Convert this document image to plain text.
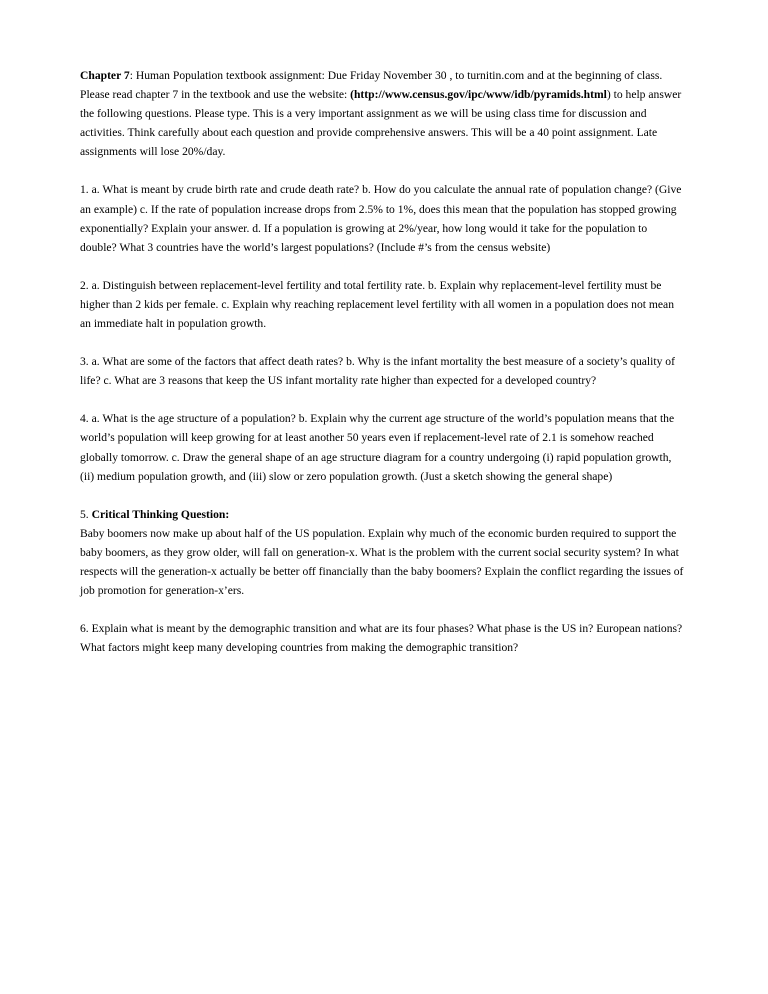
Chapter 7: Human Population textbook assignment: Due Friday November 30 , to turnitin.com and at the beginning of class. Please read chapter 7 in the textbook and use the website: (http://www.census.gov/ipc/www/idb/pyramids.html) to help answer the following questions. Please type. This is a very important assignment as we will be using class time for discussion and activities. Think carefully about each question and provide comprehensive answers. This will be a 40 point assignment. Late assignments will lose 20%/day.

1. a. What is meant by crude birth rate and crude death rate? b. How do you calculate the annual rate of population change? (Give an example) c. If the rate of population increase drops from 2.5% to 1%, does this mean that the population has stopped growing exponentially? Explain your answer. d. If a population is growing at 2%/year, how long would it take for the population to double? What 3 countries have the world’s largest populations? (Include #’s from the census website)

2. a. Distinguish between replacement-level fertility and total fertility rate. b. Explain why replacement-level fertility must be higher than 2 kids per female. c. Explain why reaching replacement level fertility with all women in a population does not mean an immediate halt in population growth.

3. a. What are some of the factors that affect death rates? b. Why is the infant mortality the best measure of a society’s quality of life? c. What are 3 reasons that keep the US infant mortality rate higher than expected for a developed country?

4. a. What is the age structure of a population? b. Explain why the current age structure of the world’s population means that the world’s population will keep growing for at least another 50 years even if replacement-level rate of 2.1 is somehow reached globally tomorrow. c. Draw the general shape of an age structure diagram for a country undergoing (i) rapid population growth, (ii) medium population growth, and (iii) slow or zero population growth. (Just a sketch showing the general shape)

5. Critical Thinking Question:
Baby boomers now make up about half of the US population. Explain why much of the economic burden required to support the baby boomers, as they grow older, will fall on generation-x. What is the problem with the current social security system? In what respects will the generation-x actually be better off financially than the baby boomers? Explain the conflict regarding the issues of job promotion for generation-x’ers.

6. Explain what is meant by the demographic transition and what are its four phases? What phase is the US in? European nations? What factors might keep many developing countries from making the demographic transition?
